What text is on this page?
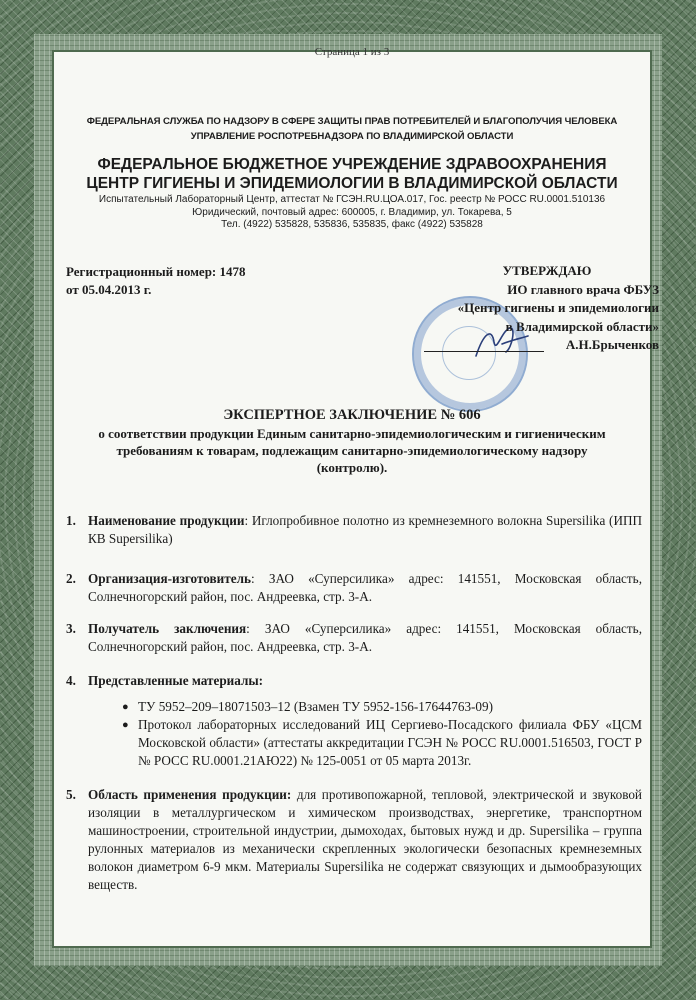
Страница 1 из 3
ФЕДЕРАЛЬНАЯ СЛУЖБА ПО НАДЗОРУ В СФЕРЕ ЗАЩИТЫ ПРАВ ПОТРЕБИТЕЛЕЙ И БЛАГОПОЛУЧИЯ ЧЕЛОВЕКА
УПРАВЛЕНИЕ РОСПОТРЕБНАДЗОРА ПО ВЛАДИМИРСКОЙ ОБЛАСТИ
ФЕДЕРАЛЬНОЕ БЮДЖЕТНОЕ УЧРЕЖДЕНИЕ ЗДРАВООХРАНЕНИЯ
ЦЕНТР ГИГИЕНЫ И ЭПИДЕМИОЛОГИИ В ВЛАДИМИРСКОЙ ОБЛАСТИ
Испытательный Лабораторный Центр, аттестат № ГСЭН.RU.ЦОА.017, Гос. реестр № РОСС RU.0001.510136
Юридический, почтовый адрес: 600005, г. Владимир, ул. Токарева, 5
Тел. (4922) 535828, 535836, 535835, факс (4922) 535828
Регистрационный номер: 1478
от 05.04.2013 г.
УТВЕРЖДАЮ
ИО главного врача ФБУЗ
«Центр гигиены и эпидемиологии
в Владимирской области»
А.Н.Брыченков
ЭКСПЕРТНОЕ ЗАКЛЮЧЕНИЕ № 606
о соответствии продукции Единым санитарно-эпидемиологическим и гигиеническим
требованиям к товарам, подлежащим санитарно-эпидемиологическому надзору
(контролю).
1. Наименование продукции: Иглопробивное полотно из кремнеземного волокна Supersilika (ИПП КВ Supersilika)
2. Организация-изготовитель: ЗАО «Суперсилика» адрес: 141551, Московская область, Солнечногорский район, пос. Андреевка, стр. 3-А.
3. Получатель заключения: ЗАО «Суперсилика» адрес: 141551, Московская область, Солнечногорский район, пос. Андреевка, стр. 3-А.
4. Представленные материалы:
● ТУ 5952–209–18071503–12 (Взамен ТУ 5952-156-17644763-09)
● Протокол лабораторных исследований ИЦ Сергиево-Посадского филиала ФБУ «ЦСМ Московской области» (аттестаты аккредитации ГСЭН № РОСС RU.0001.516503, ГОСТ Р № РОСС RU.0001.21АЮ22) № 125-0051 от 05 марта 2013г.
5. Область применения продукции: для противопожарной, тепловой, электрической и звуковой изоляции в металлургическом и химическом производствах, энергетике, транспортном машиностроении, строительной индустрии, дымоходах, бытовых нужд и др. Supersilika – группа рулонных материалов из механически скрепленных экологически безопасных кремнеземных волокон диаметром 6-9 мкм. Материалы Supersilika не содержат связующих и дымообразующих веществ.
